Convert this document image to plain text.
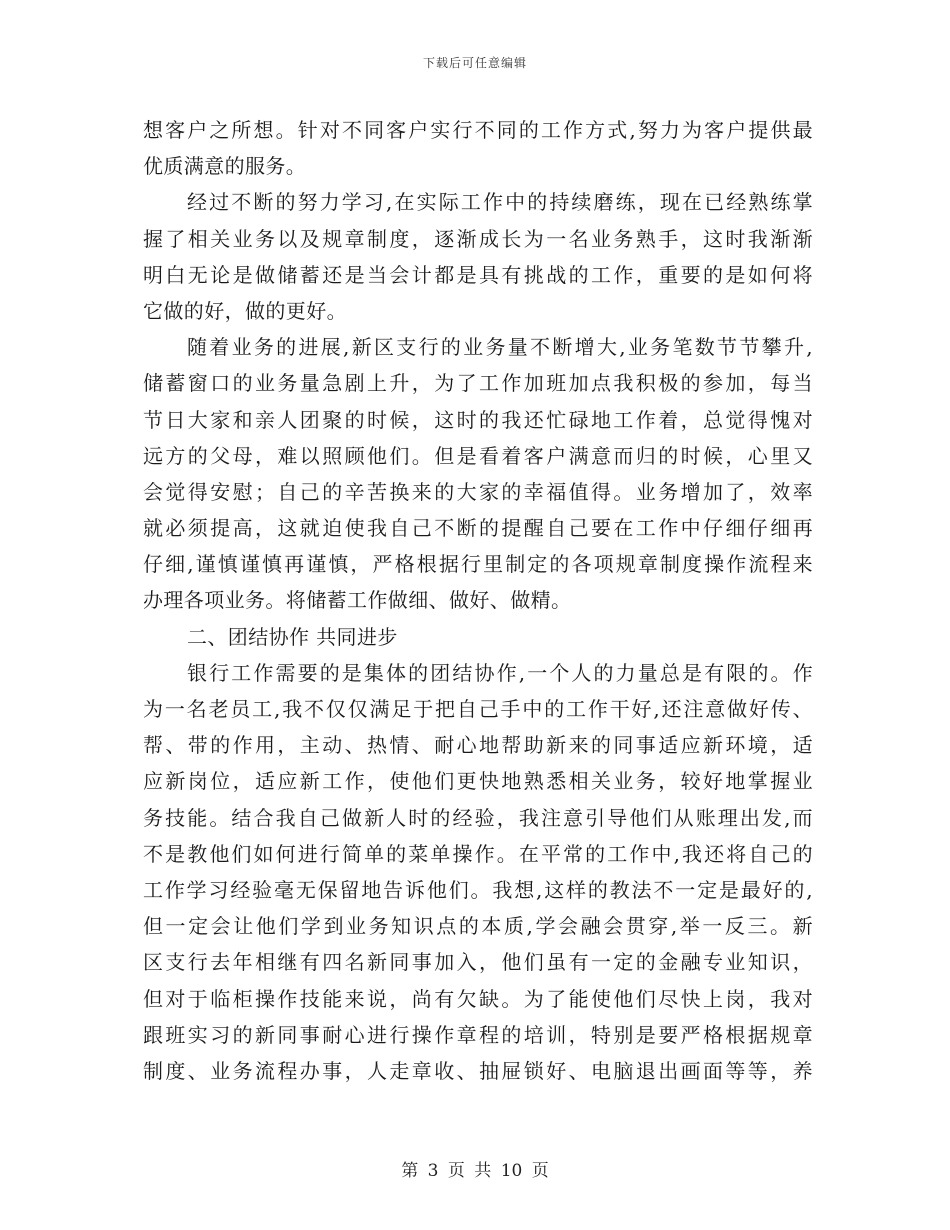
下载后可任意编辑
想客户之所想。针对不同客户实行不同的工作方式,努力为客户提供最
优质满意的服务。
经过不断的努力学习,在实际工作中的持续磨练，现在已经熟练掌
握了相关业务以及规章制度，逐渐成长为一名业务熟手，这时我渐渐
明白无论是做储蓄还是当会计都是具有挑战的工作，重要的是如何将
它做的好，做的更好。
随着业务的进展,新区支行的业务量不断增大,业务笔数节节攀升,
储蓄窗口的业务量急剧上升，为了工作加班加点我积极的参加，每当
节日大家和亲人团聚的时候，这时的我还忙碌地工作着，总觉得愧对
远方的父母，难以照顾他们。但是看着客户满意而归的时候，心里又
会觉得安慰；自己的辛苦换来的大家的幸福值得。业务增加了，效率
就必须提高，这就迫使我自己不断的提醒自己要在工作中仔细仔细再
仔细,谨慎谨慎再谨慎，严格根据行里制定的各项规章制度操作流程来
办理各项业务。将储蓄工作做细、做好、做精。
二、团结协作 共同进步
银行工作需要的是集体的团结协作,一个人的力量总是有限的。作
为一名老员工,我不仅仅满足于把自己手中的工作干好,还注意做好传、
帮、带的作用，主动、热情、耐心地帮助新来的同事适应新环境，适
应新岗位，适应新工作，使他们更快地熟悉相关业务，较好地掌握业
务技能。结合我自己做新人时的经验，我注意引导他们从账理出发,而
不是教他们如何进行简单的菜单操作。在平常的工作中,我还将自己的
工作学习经验毫无保留地告诉他们。我想,这样的教法不一定是最好的,
但一定会让他们学到业务知识点的本质,学会融会贯穿,举一反三。新
区支行去年相继有四名新同事加入，他们虽有一定的金融专业知识，
但对于临柜操作技能来说，尚有欠缺。为了能使他们尽快上岗，我对
跟班实习的新同事耐心进行操作章程的培训，特别是要严格根据规章
制度、业务流程办事，人走章收、抽屉锁好、电脑退出画面等等，养
第 3 页 共 10 页
